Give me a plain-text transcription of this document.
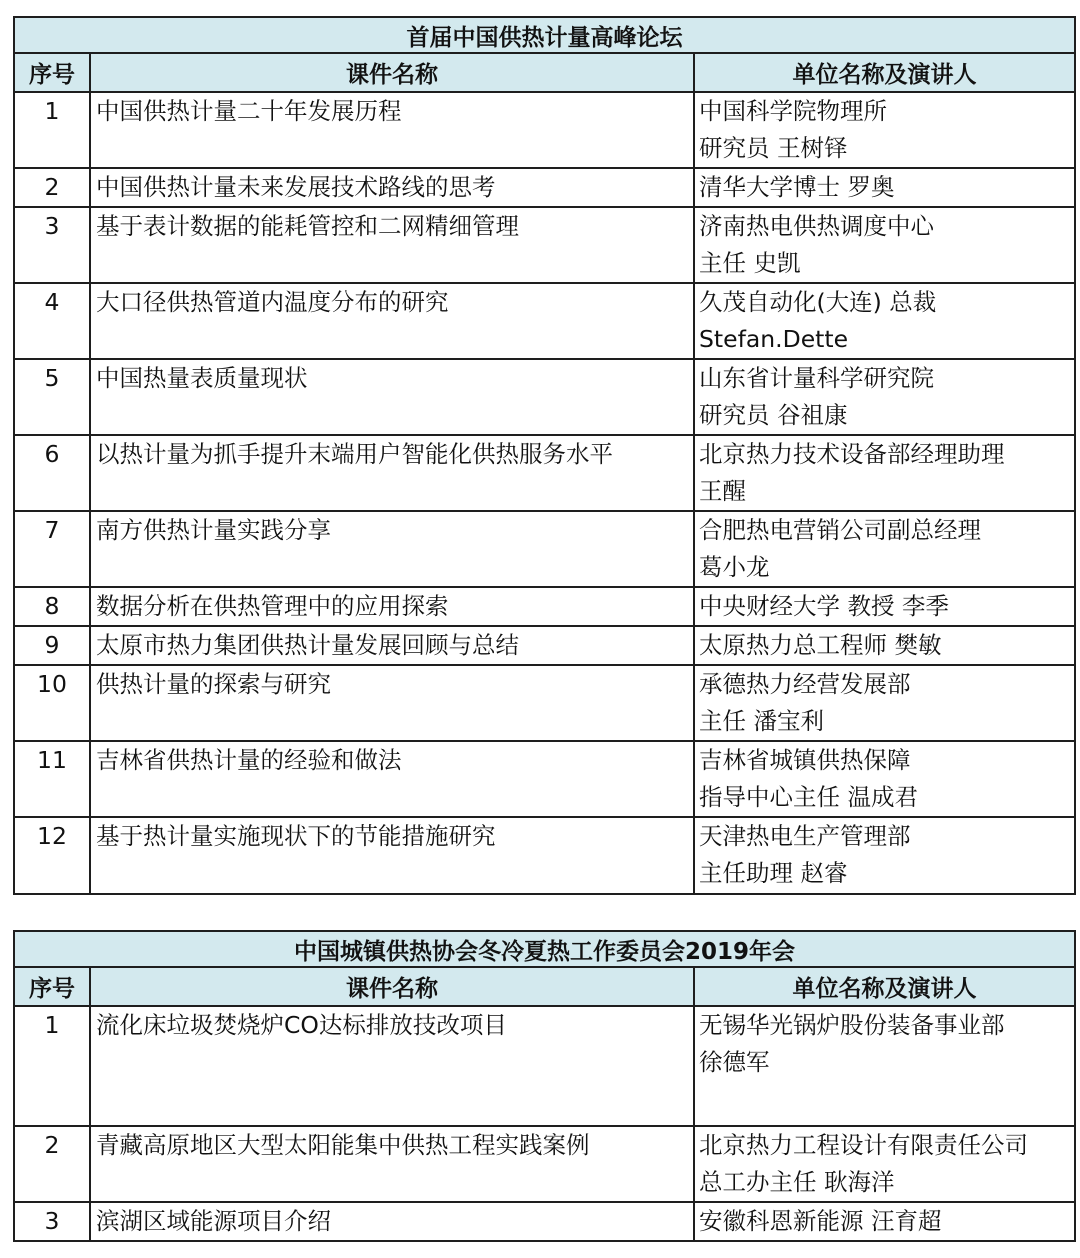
首届中国供热计量高峰论坛		
序号	课件名称	单位名称及演讲人
1	中国供热计量二十年发展历程	中国科学院物理所
研究员 王树铎

2	中国供热计量未来发展技术路线的思考	清华大学博士 罗奥

3	基于表计数据的能耗管控和二网精细管理	济南热电供热调度中心
主任 史凯

4	大口径供热管道内温度分布的研究	久茂自动化(大连) 总裁
Stefan.Dette

5	中国热量表质量现状	山东省计量科学研究院
研究员 谷祖康

6	以热计量为抓手提升末端用户智能化供热服务水平	北京热力技术设备部经理助理
王醒

7	南方供热计量实践分享	合肥热电营销公司副总经理
葛小龙

8	数据分析在供热管理中的应用探索	中央财经大学 教授 李季

9	太原市热力集团供热计量发展回顾与总结	太原热力总工程师 樊敏

10	供热计量的探索与研究	承德热力经营发展部
主任 潘宝利

11	吉林省供热计量的经验和做法	吉林省城镇供热保障
指导中心主任 温成君

12	基于热计量实施现状下的节能措施研究	天津热电生产管理部
主任助理 赵睿
中国城镇供热协会冬冷夏热工作委员会2019年会		
序号	课件名称	单位名称及演讲人
1	流化床垃圾焚烧炉CO达标排放技改项目	无锡华光锅炉股份装备事业部
徐德军

2	青藏高原地区大型太阳能集中供热工程实践案例	北京热力工程设计有限责任公司
总工办主任 耿海洋

3	滨湖区域能源项目介绍	安徽科恩新能源 汪育超
